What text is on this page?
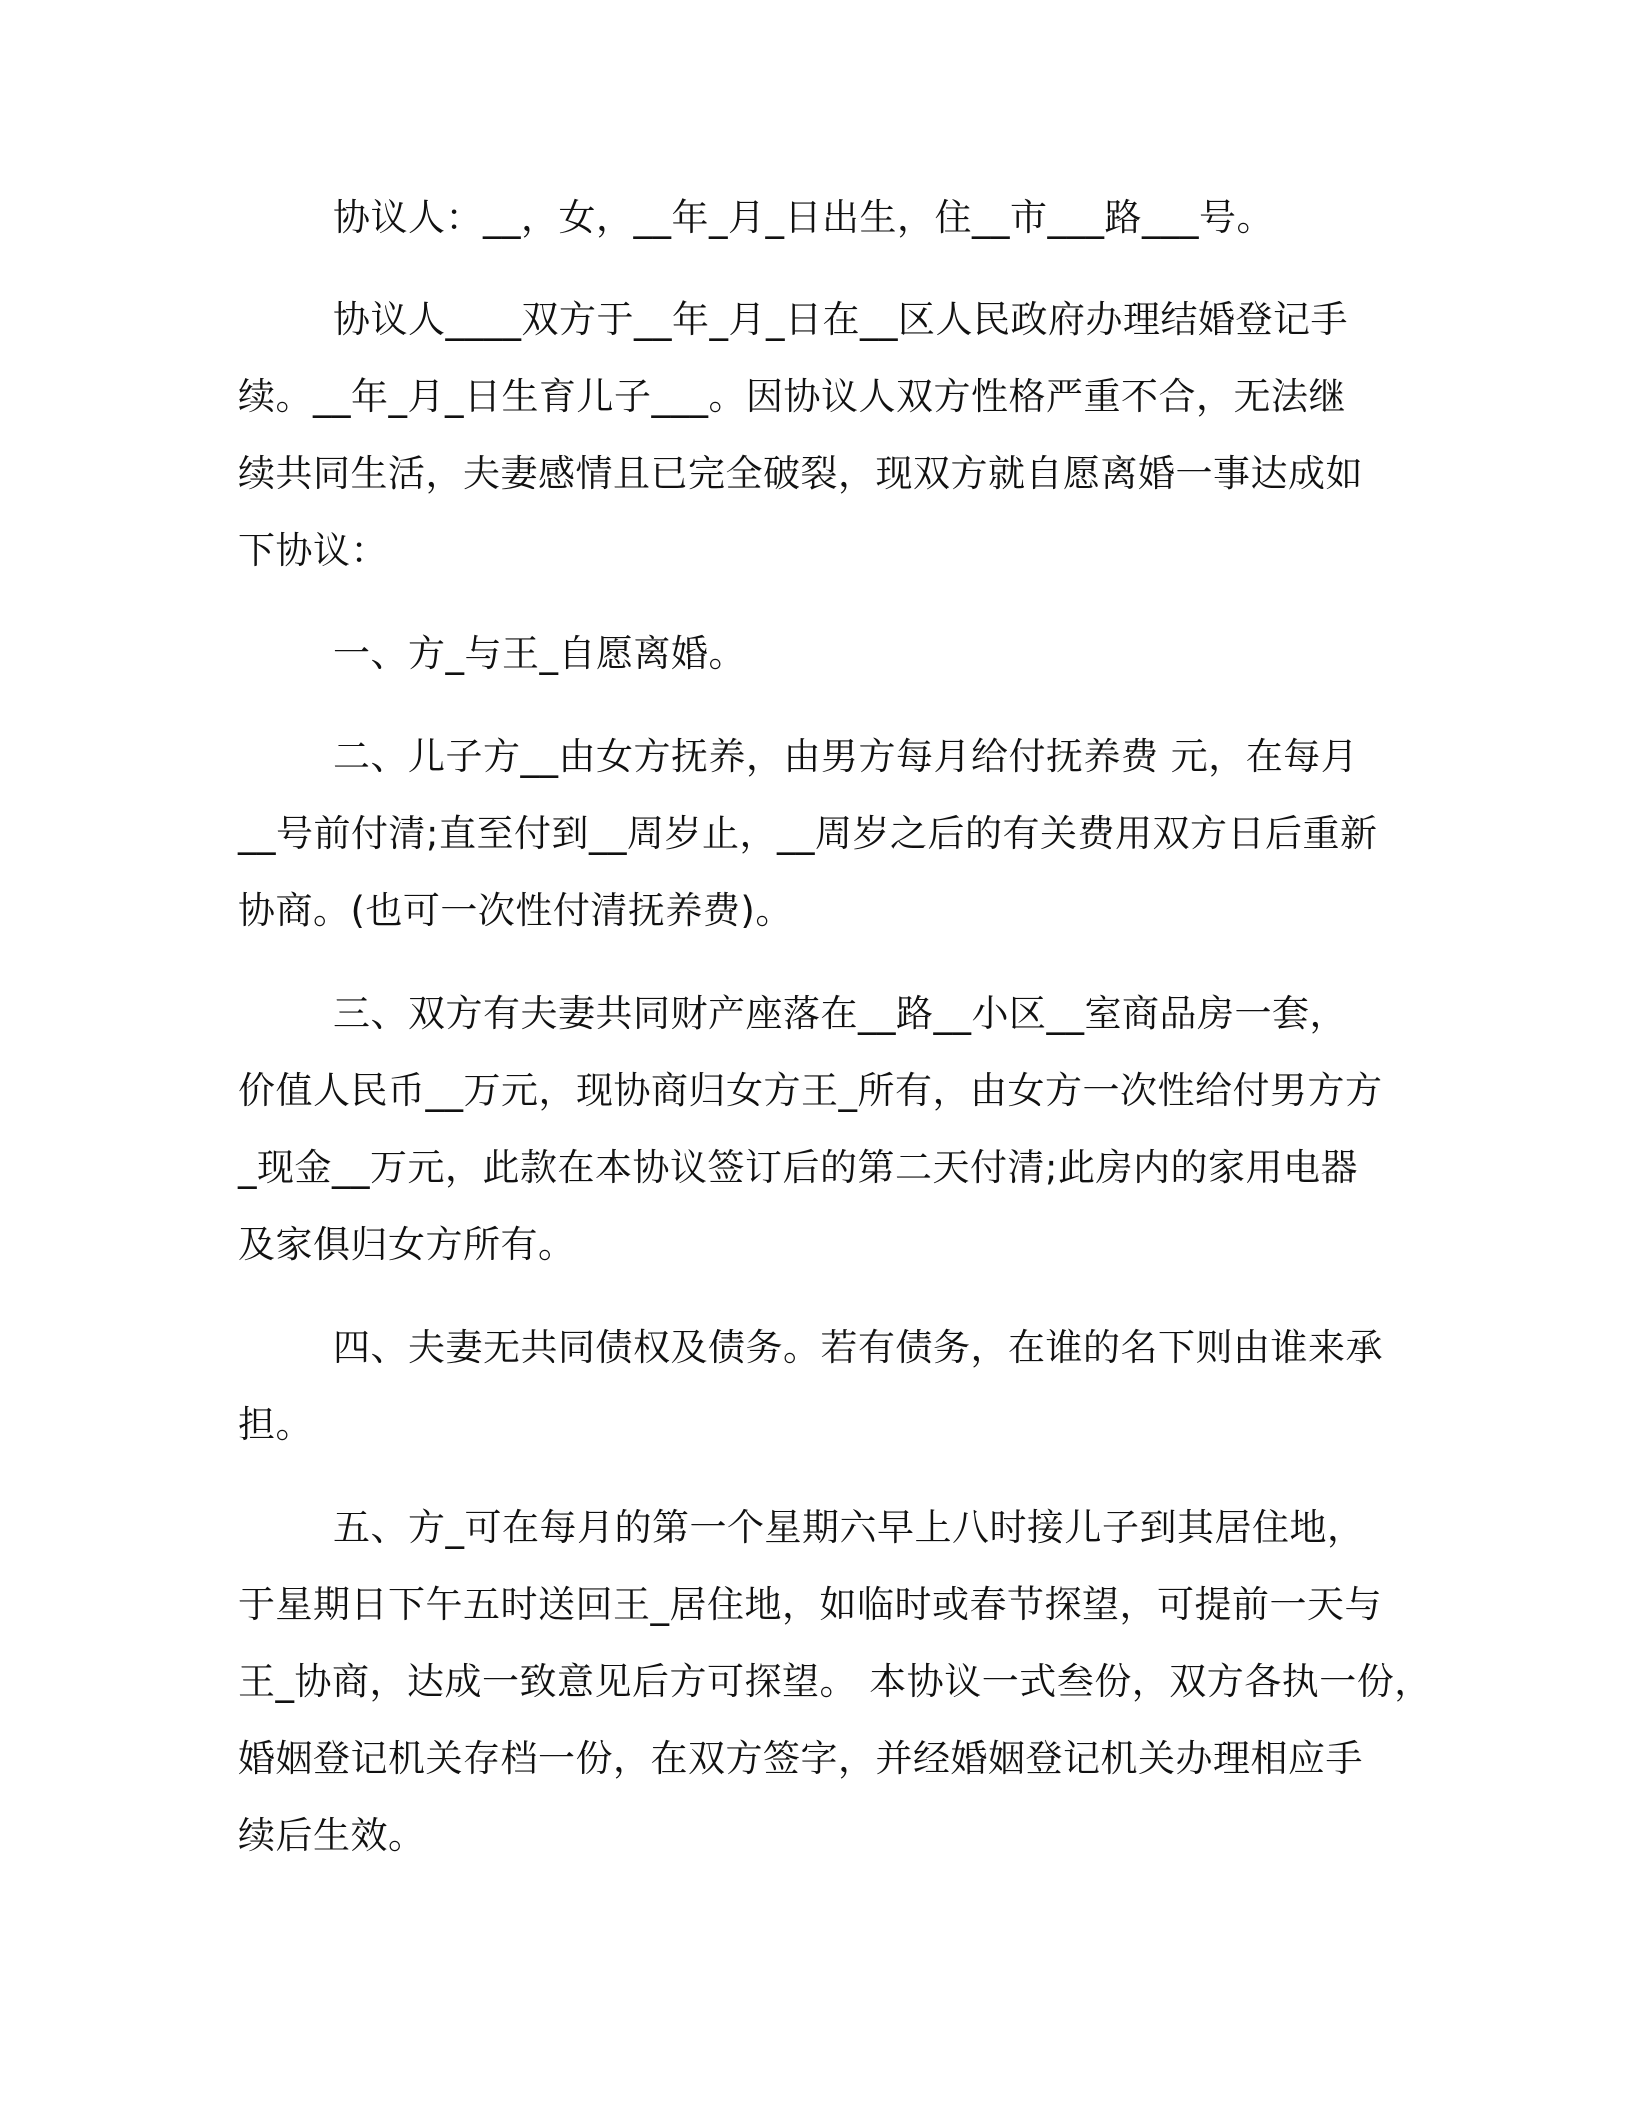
协议人：__，女，__年_月_日出生，住__市___路___号。
协议人____双方于__年_月_日在__区人民政府办理结婚登记手
续。__年_月_日生育儿子___。因协议人双方性格严重不合，无法继
续共同生活，夫妻感情且已完全破裂，现双方就自愿离婚一事达成如
下协议：
一、方_与王_自愿离婚。
二、儿子方__由女方抚养，由男方每月给付抚养费 元，在每月
__号前付清;直至付到__周岁止，__周岁之后的有关费用双方日后重新
协商。(也可一次性付清抚养费)。
三、双方有夫妻共同财产座落在__路__小区__室商品房一套，
价值人民币__万元，现协商归女方王_所有，由女方一次性给付男方方
_现金__万元，此款在本协议签订后的第二天付清;此房内的家用电器
及家俱归女方所有。
四、夫妻无共同债权及债务。若有债务，在谁的名下则由谁来承
担。
五、方_可在每月的第一个星期六早上八时接儿子到其居住地，
于星期日下午五时送回王_居住地，如临时或春节探望，可提前一天与
王_协商，达成一致意见后方可探望。 本协议一式叁份，双方各执一份，
婚姻登记机关存档一份，在双方签字，并经婚姻登记机关办理相应手
续后生效。
